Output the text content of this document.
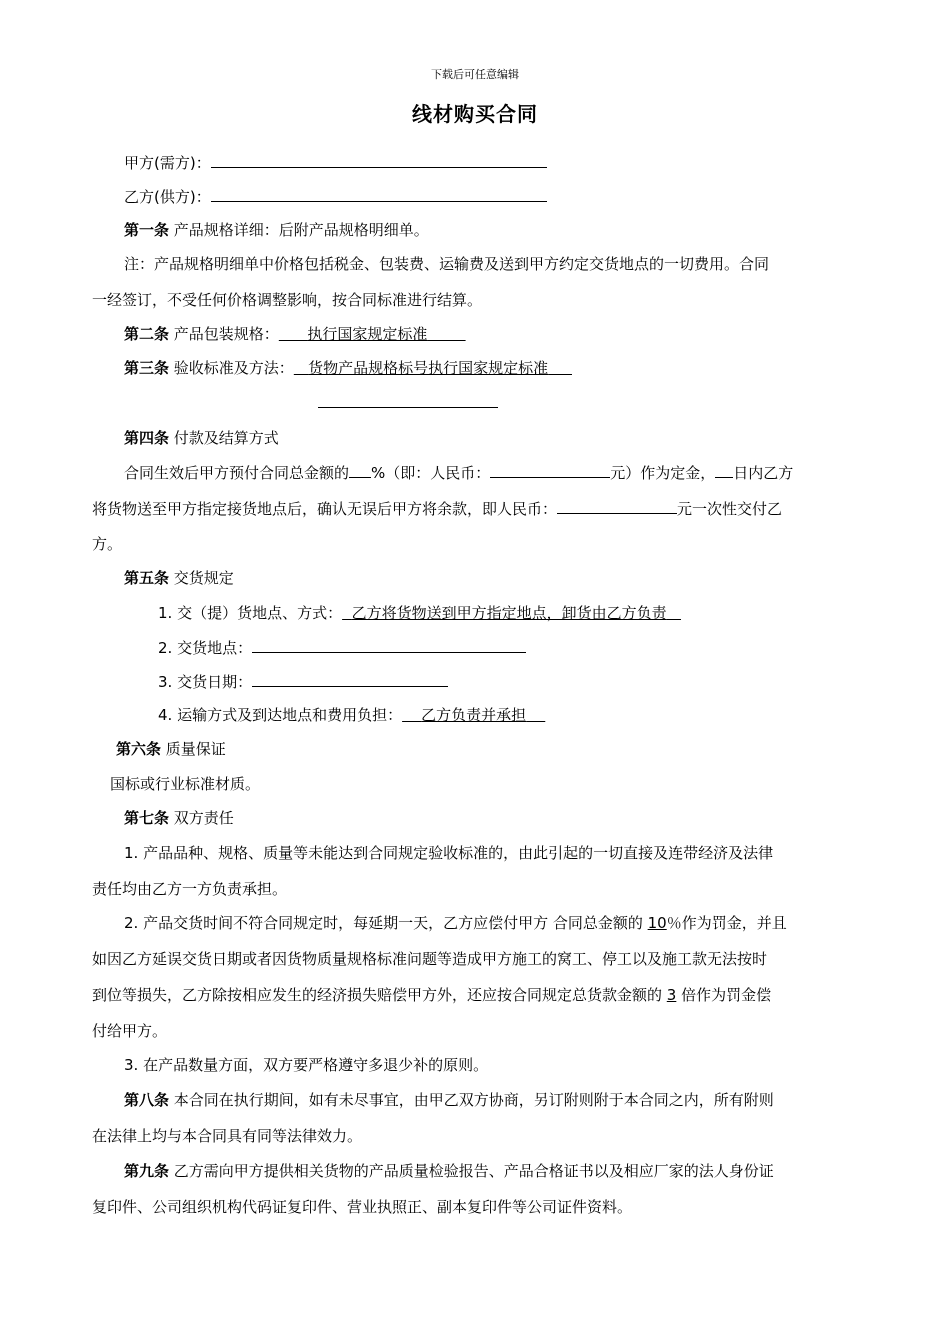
下载后可任意编辑
线材购买合同
甲方(需方)：
乙方(供方)：
第一条 产品规格详细：后附产品规格明细单。
注：产品规格明细单中价格包括税金、包装费、运输费及送到甲方约定交货地点的一切费用。合同
一经签订，不受任何价格调整影响，按合同标准进行结算。
第二条 产品包装规格： 执行国家规定标准
第三条 验收标准及方法： 货物产品规格标号执行国家规定标准
第四条 付款及结算方式
合同生效后甲方预付合同总金额的 %（即：人民币：	元）作为定金， 日内乙方
将货物送至甲方指定接货地点后，确认无误后甲方将余款，即人民币：	元一次性交付乙
方。
第五条 交货规定
1. 交（提）货地点、方式： 乙方将货物送到甲方指定地点，卸货由乙方负责
2. 交货地点：
3. 交货日期：
4. 运输方式及到达地点和费用负担： 乙方负责并承担
第六条 质量保证
国标或行业标准材质。
第七条 双方责任
1. 产品品种、规格、质量等未能达到合同规定验收标准的，由此引起的一切直接及连带经济及法律
责任均由乙方一方负责承担。
2. 产品交货时间不符合同规定时，每延期一天，乙方应偿付甲方 合同总金额的 10％作为罚金，并且
如因乙方延误交货日期或者因货物质量规格标准问题等造成甲方施工的窝工、停工以及施工款无法按时
到位等损失，乙方除按相应发生的经济损失赔偿甲方外，还应按合同规定总货款金额的 3 倍作为罚金偿
付给甲方。
3. 在产品数量方面，双方要严格遵守多退少补的原则。
第八条 本合同在执行期间，如有未尽事宜，由甲乙双方协商，另订附则附于本合同之内，所有附则
在法律上均与本合同具有同等法律效力。
第九条 乙方需向甲方提供相关货物的产品质量检验报告、产品合格证书以及相应厂家的法人身份证
复印件、公司组织机构代码证复印件、营业执照正、副本复印件等公司证件资料。
